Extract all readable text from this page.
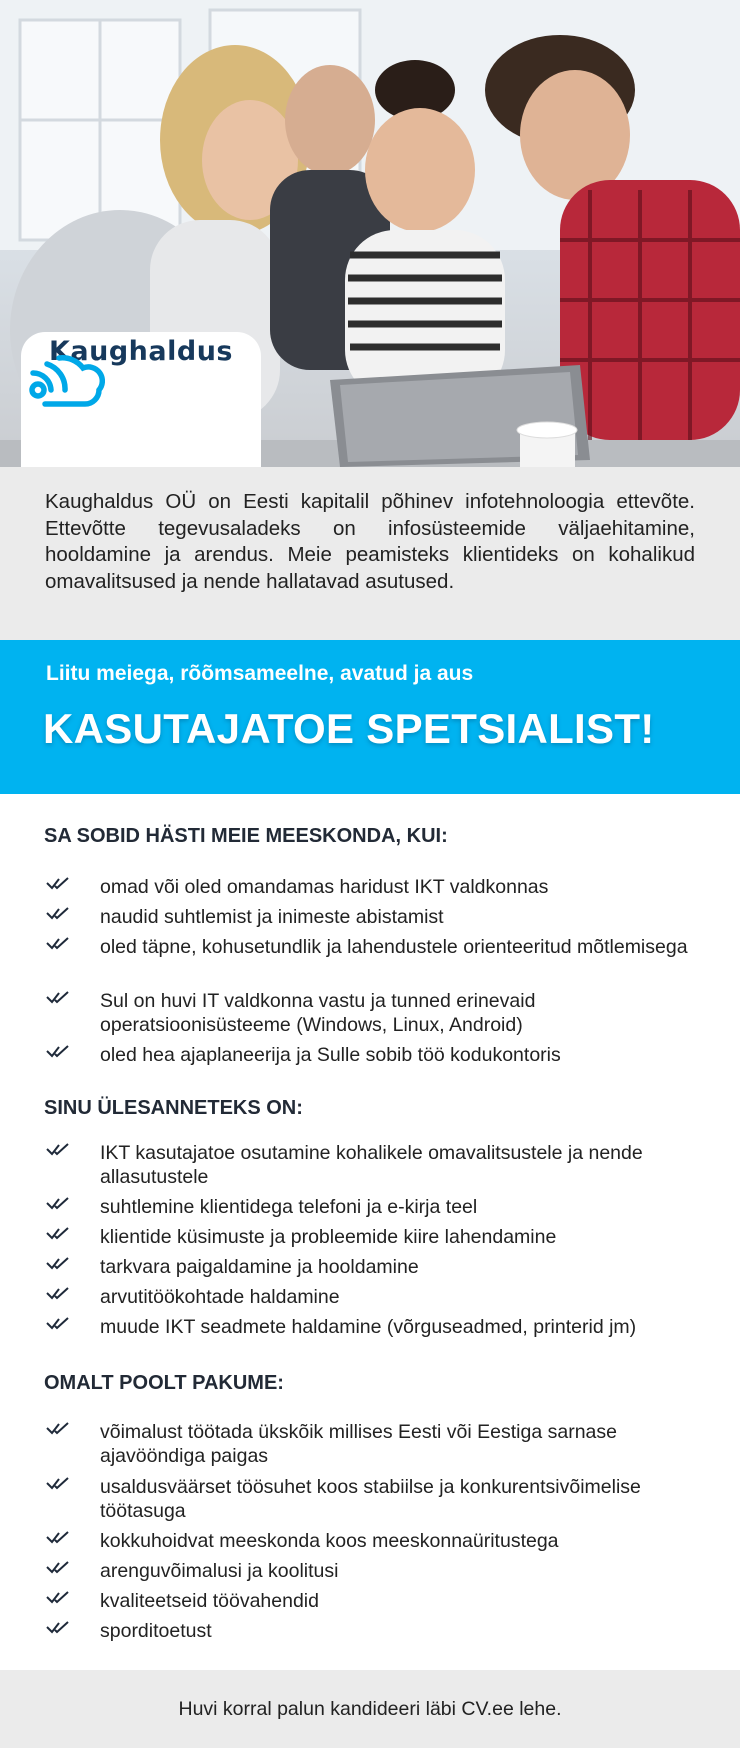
Kaughaldus

Kaughaldus OÜ on Eesti kapitalil põhinev infotehnoloogia ettevõte. Ettevõtte tegevusaladeks on infosüsteemide väljaehitamine, hooldamine ja arendus. Meie peamisteks klientideks on kohalikud omavalitsused ja nende hallatavad asutused.

Liitu meiega, rõõmsameelne, avatud ja aus
KASUTAJATOE SPETSIALIST!
SA SOBID HÄSTI MEIE MEESKONDA, KUI:
omad või oled omandamas haridust IKT valdkonnas
naudid suhtlemist ja inimeste abistamist
oled täpne, kohusetundlik ja lahendustele orienteeritud mõtlemisega
Sul on huvi IT valdkonna vastu ja tunned erinevaid operatsioonisüsteeme (Windows, Linux, Android)
oled hea ajaplaneerija ja Sulle sobib töö kodukontoris
SINU ÜLESANNETEKS ON:
IKT kasutajatoe osutamine kohalikele omavalitsustele ja nende allasutustele
suhtlemine klientidega telefoni ja e-kirja teel
klientide küsimuste ja probleemide kiire lahendamine
tarkvara paigaldamine ja hooldamine
arvutitöökohtade haldamine
muude IKT seadmete haldamine (võrguseadmed, printerid jm)
OMALT POOLT PAKUME:
võimalust töötada ükskõik millises Eesti või Eestiga sarnase ajavööndiga paigas
usaldusväärset töösuhet koos stabiilse ja konkurentsivõimelise töötasuga
kokkuhoidvat meeskonda koos meeskonnaüritustega
arenguvõimalusi ja koolitusi
kvaliteetseid töövahendid
sporditoetust
Huvi korral palun kandideeri läbi CV.ee lehe.
